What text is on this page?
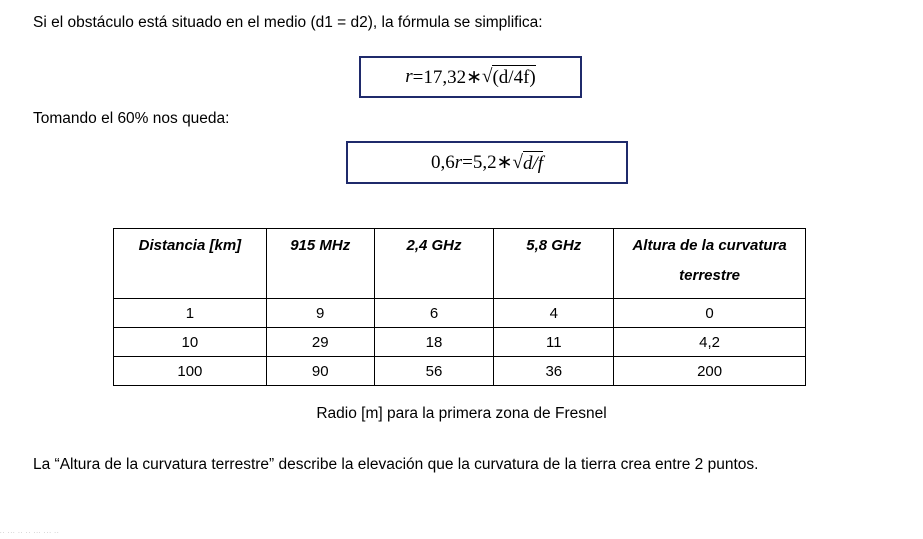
Si el obstáculo está situado en el medio (d1 = d2), la fórmula se simplifica:
r =17,32∗ √ (d/4f)
Tomando el 60% nos queda:
0,6 r =5,2∗ √ d/f
Distancia [km]	915 MHz	2,4 GHz	5,8 GHz	Altura de la curvatura terrestre
1	9	6	4	0
10	29	18	11	4,2
100	90	56	36	200
Radio [m] para la primera zona de Fresnel
La “Altura de la curvatura terrestre” describe la elevación que la curvatura de la tierra crea entre 2 puntos.
·· ··· ·· ·· ··· ··· ··
